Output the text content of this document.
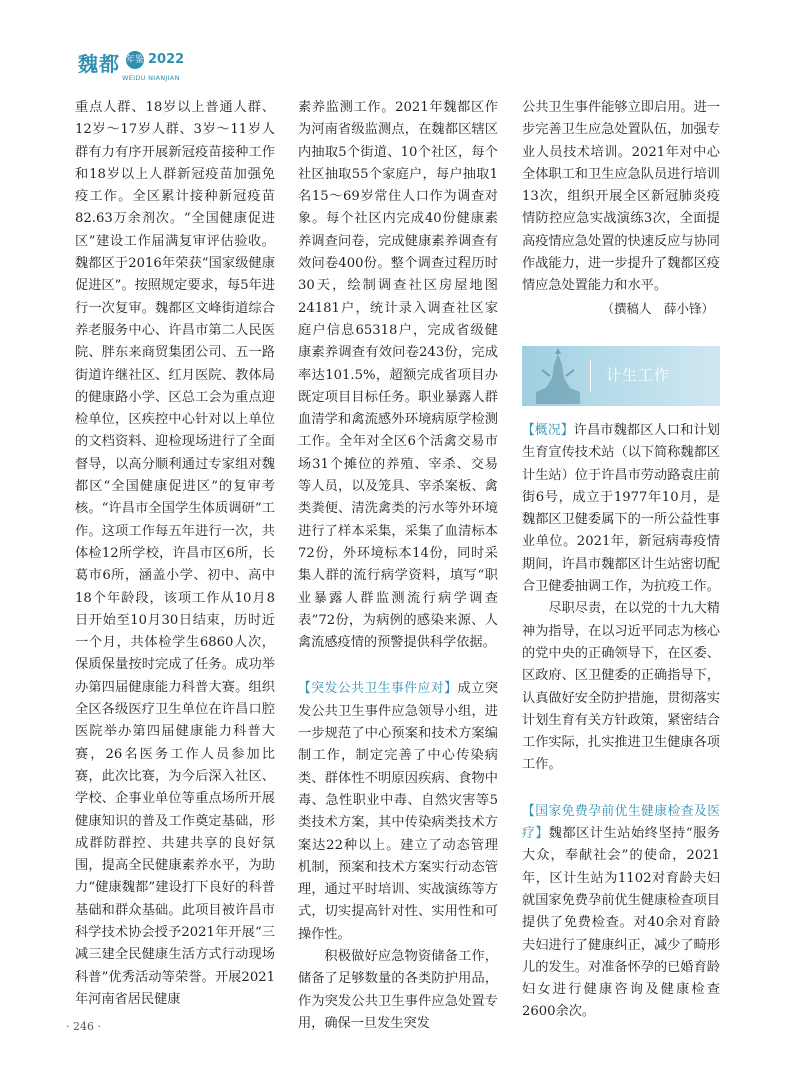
魏都 年鉴 2022
WEIDU NIANJIAN

重点人群、18岁以上普通人群、12岁～17岁人群、3岁～11岁人群有力有序开展新冠疫苗接种工作和18岁以上人群新冠疫苗加强免疫工作。全区累计接种新冠疫苗82.63万余剂次。“全国健康促进区”建设工作届满复审评估验收。魏都区于2016年荣获“国家级健康促进区”。按照规定要求，每5年进行一次复审。魏都区文峰街道综合养老服务中心、许昌市第二人民医院、胖东来商贸集团公司、五一路街道许继社区、红月医院、教体局的健康路小学、区总工会为重点迎检单位，区疾控中心针对以上单位的文档资料、迎检现场进行了全面督导，以高分顺利通过专家组对魏都区“全国健康促进区”的复审考核。“许昌市全国学生体质调研”工作。这项工作每五年进行一次，共体检12所学校，许昌市区6所，长葛市6所，涵盖小学、初中、高中18个年龄段，该项工作从10月8日开始至10月30日结束，历时近一个月，共体检学生6860人次，保质保量按时完成了任务。成功举办第四届健康能力科普大赛。组织全区各级医疗卫生单位在许昌口腔医院举办第四届健康能力科普大赛，26名医务工作人员参加比赛，此次比赛，为今后深入社区、学校、企事业单位等重点场所开展健康知识的普及工作奠定基础，形成群防群控、共建共享的良好氛围，提高全民健康素养水平，为助力“健康魏都”建设打下良好的科普基础和群众基础。此项目被许昌市科学技术协会授予2021年开展“三减三建全民健康生活方式行动现场科普”优秀活动等荣誉。开展2021年河南省居民健康

素养监测工作。2021年魏都区作为河南省级监测点，在魏都区辖区内抽取5个街道、10个社区，每个社区抽取55个家庭户，每户抽取1名15～69岁常住人口作为调查对象。每个社区内完成40份健康素养调查问卷，完成健康素养调查有效问卷400份。整个调查过程历时30天，绘制调查社区房屋地图24181户，统计录入调查社区家庭户信息65318户，完成省级健康素养调查有效问卷243份，完成率达101.5%，超额完成省项目办既定项目目标任务。职业暴露人群血清学和禽流感外环境病原学检测工作。全年对全区6个活禽交易市场31个摊位的养殖、宰杀、交易等人员，以及笼具、宰杀案板、禽类粪便、清洗禽类的污水等外环境进行了样本采集，采集了血清标本72份，外环境标本14份，同时采集人群的流行病学资料，填写“职业暴露人群监测流行病学调查表”72份，为病例的感染来源、人禽流感疫情的预警提供科学依据。

【突发公共卫生事件应对】成立突发公共卫生事件应急领导小组，进一步规范了中心预案和技术方案编制工作，制定完善了中心传染病类、群体性不明原因疾病、食物中毒、急性职业中毒、自然灾害等5类技术方案，其中传染病类技术方案达22种以上。建立了动态管理机制，预案和技术方案实行动态管理，通过平时培训、实战演练等方式，切实提高针对性、实用性和可操作性。

积极做好应急物资储备工作，储备了足够数量的各类防护用品，作为突发公共卫生事件应急处置专用，确保一旦发生突发

公共卫生事件能够立即启用。进一步完善卫生应急处置队伍，加强专业人员技术培训。2021年对中心全体职工和卫生应急队员进行培训13次，组织开展全区新冠肺炎疫情防控应急实战演练3次，全面提高疫情应急处置的快速反应与协同作战能力，进一步提升了魏都区疫情应急处置能力和水平。

（撰稿人　薛小锋）

计生工作

【概况】许昌市魏都区人口和计划生育宣传技术站（以下简称魏都区计生站）位于许昌市劳动路袁庄前街6号，成立于1977年10月，是魏都区卫健委属下的一所公益性事业单位。2021年，新冠病毒疫情期间，许昌市魏都区计生站密切配合卫健委抽调工作，为抗疫工作。

尽职尽责，在以党的十九大精神为指导，在以习近平同志为核心的党中央的正确领导下，在区委、区政府、区卫健委的正确指导下，认真做好安全防护措施，贯彻落实计划生育有关方针政策，紧密结合工作实际，扎实推进卫生健康各项工作。

【国家免费孕前优生健康检查及医疗】魏都区计生站始终坚持“服务大众，奉献社会”的使命，2021年，区计生站为1102对育龄夫妇就国家免费孕前优生健康检查项目提供了免费检查。对40余对育龄夫妇进行了健康纠正，减少了畸形儿的发生。对准备怀孕的已婚育龄妇女进行健康咨询及健康检查2600余次。

· 246 ·
